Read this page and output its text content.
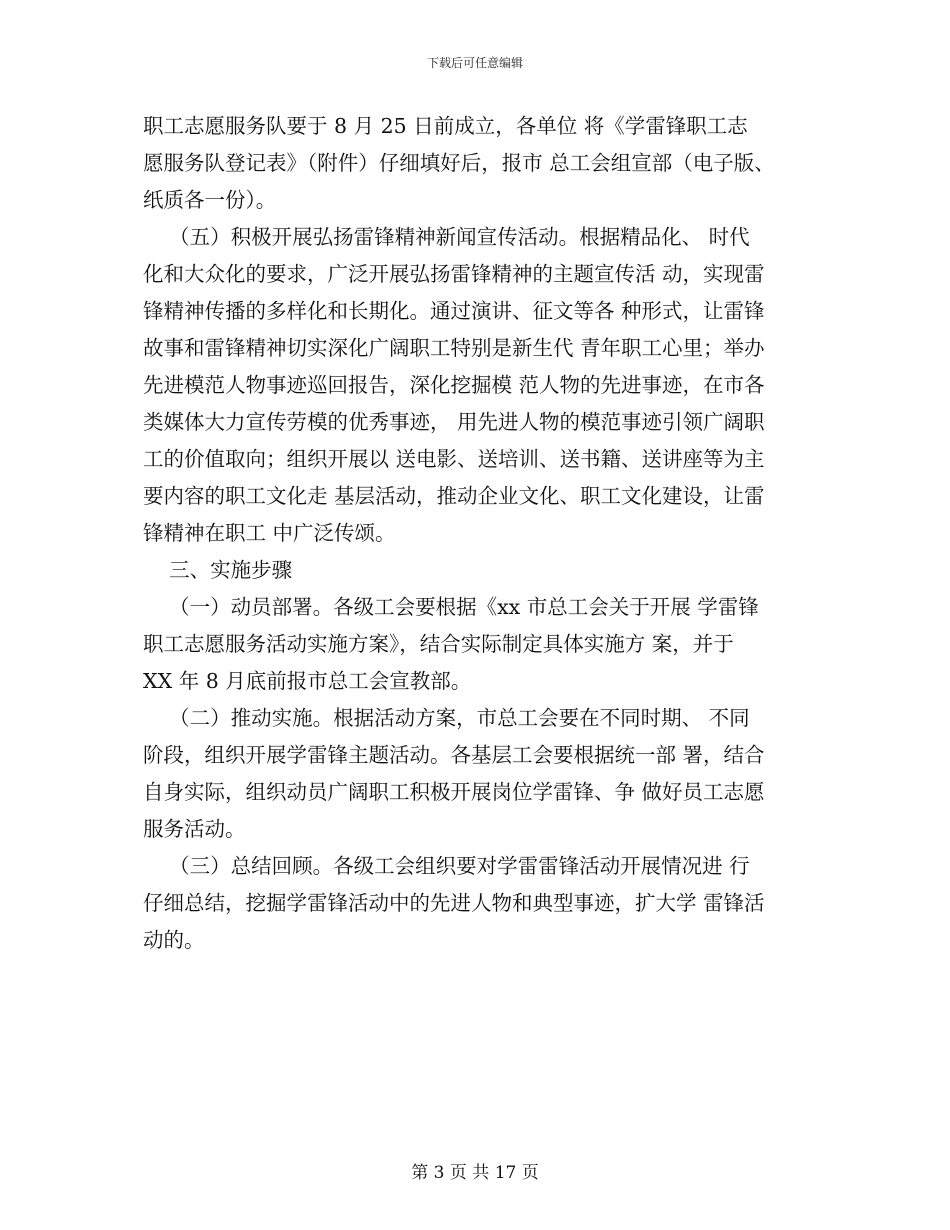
下载后可任意编辑
职工志愿服务队要于 8 月 25 日前成立，各单位 将《学雷锋职工志
愿服务队登记表》（附件）仔细填好后，报市 总工会组宣部（电子版、
纸质各一份）。
（五）积极开展弘扬雷锋精神新闻宣传活动。根据精品化、 时代
化和大众化的要求，广泛开展弘扬雷锋精神的主题宣传活 动，实现雷
锋精神传播的多样化和长期化。通过演讲、征文等各 种形式，让雷锋
故事和雷锋精神切实深化广阔职工特别是新生代 青年职工心里；举办
先进模范人物事迹巡回报告，深化挖掘模 范人物的先进事迹，在市各
类媒体大力宣传劳模的优秀事迹， 用先进人物的模范事迹引领广阔职
工的价值取向；组织开展以 送电影、送培训、送书籍、送讲座等为主
要内容的职工文化走 基层活动，推动企业文化、职工文化建设，让雷
锋精神在职工 中广泛传颂。
三、实施步骤
（一）动员部署。各级工会要根据《xx 市总工会关于开展 学雷锋
职工志愿服务活动实施方案》，结合实际制定具体实施方 案，并于
XX 年 8 月底前报市总工会宣教部。
（二）推动实施。根据活动方案，市总工会要在不同时期、 不同
阶段，组织开展学雷锋主题活动。各基层工会要根据统一部 署，结合
自身实际，组织动员广阔职工积极开展岗位学雷锋、争 做好员工志愿
服务活动。
（三）总结回顾。各级工会组织要对学雷雷锋活动开展情况进 行
仔细总结，挖掘学雷锋活动中的先进人物和典型事迹，扩大学 雷锋活
动的。
第 3 页 共 17 页
